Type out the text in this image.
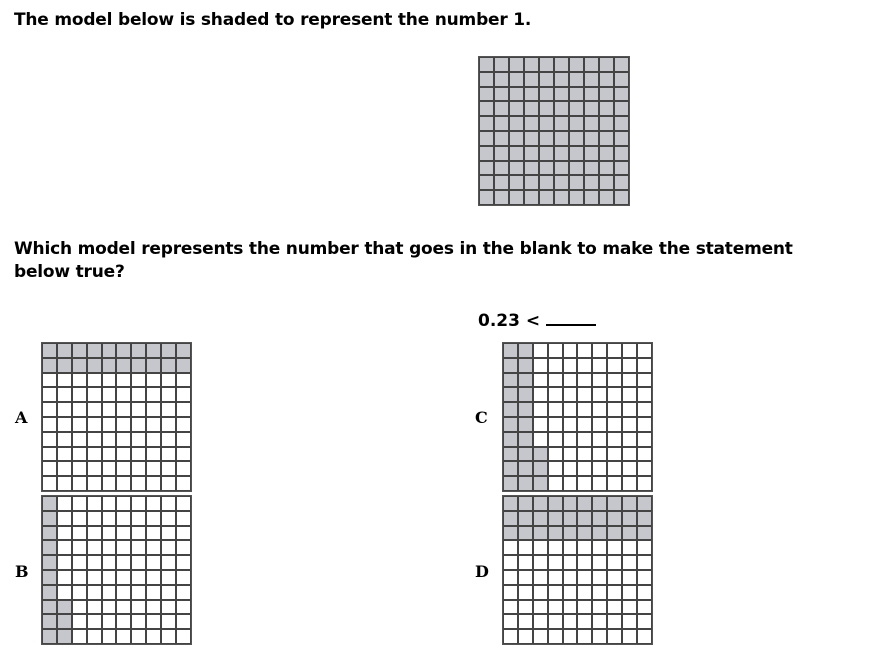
The model below is shaded to represent the number 1.
Which model represents the number that goes in the blank to make the statement
below true?
0.23 <
A
B
C
D
